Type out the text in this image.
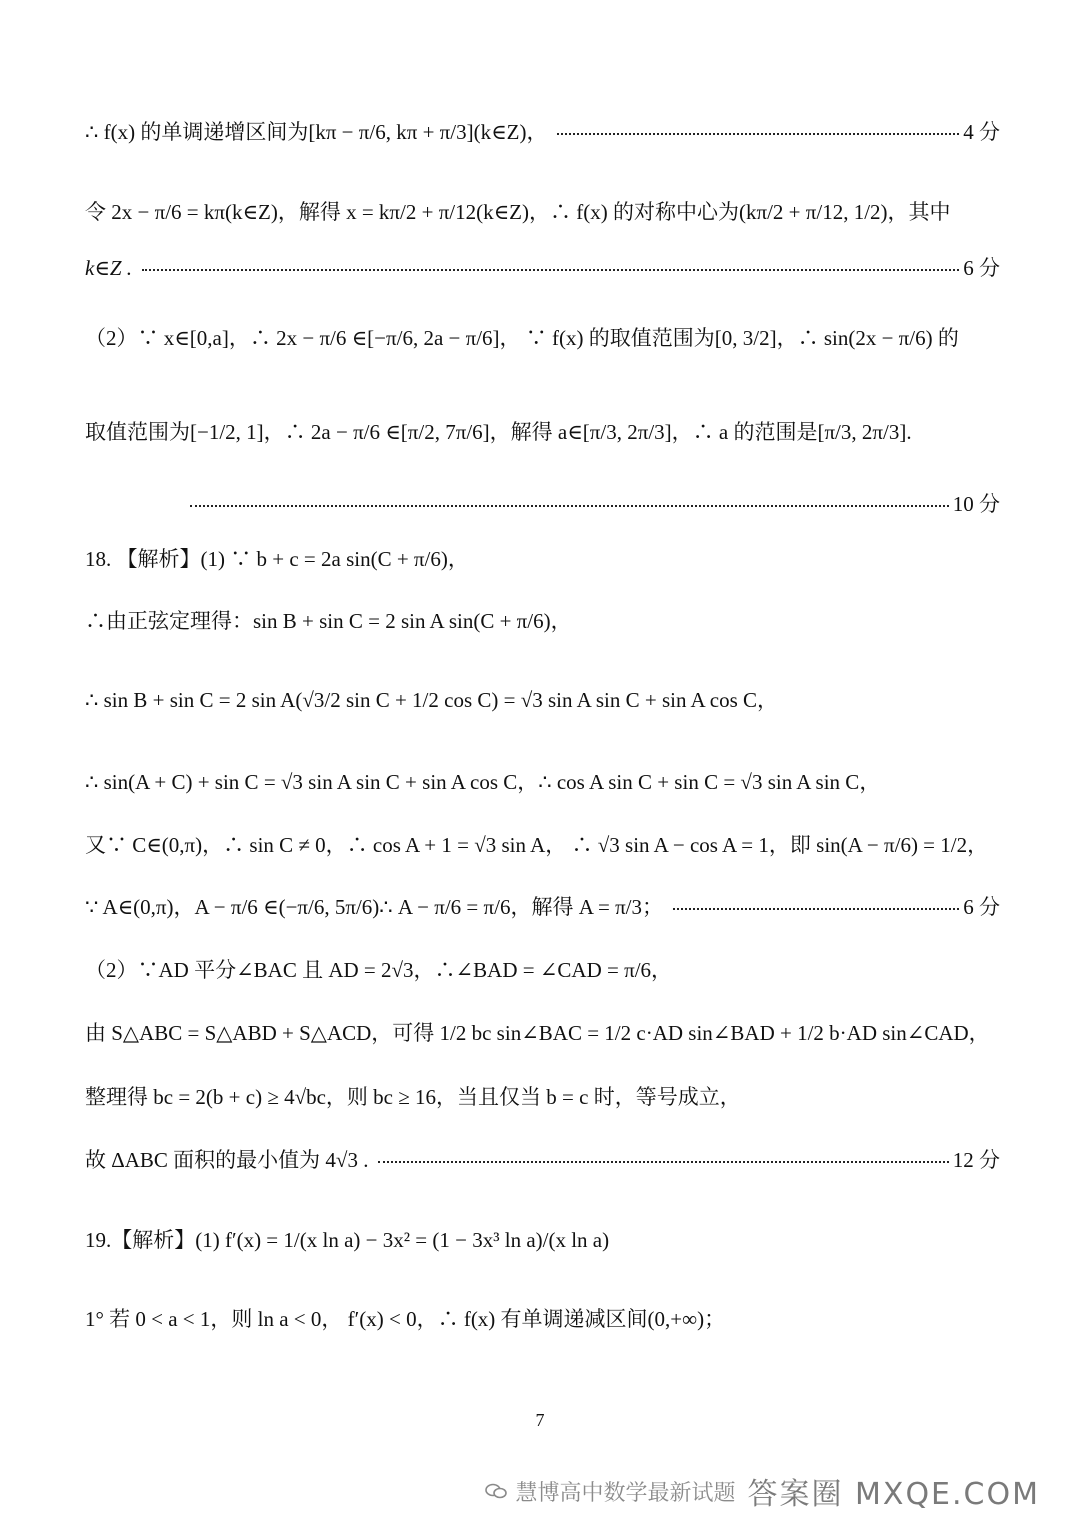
∴ f(x) 的单调递增区间为[kπ − π/6, kπ + π/3](k∈Z)，	4 分
令 2x − π/6 = kπ(k∈Z)，解得 x = kπ/2 + π/12(k∈Z)，∴ f(x) 的对称中心为(kπ/2 + π/12, 1/2)，其中
k∈Z .	6 分
（2）∵ x∈[0,a]，∴ 2x − π/6 ∈[−π/6, 2a − π/6]， ∵ f(x) 的取值范围为[0, 3/2]，∴ sin(2x − π/6) 的
取值范围为[−1/2, 1]，∴ 2a − π/6 ∈[π/2, 7π/6]，解得 a∈[π/3, 2π/3]，∴ a 的范围是[π/3, 2π/3].
10 分
18. 【解析】(1) ∵ b + c = 2a sin(C + π/6)，
∴由正弦定理得：sin B + sin C = 2 sin A sin(C + π/6)，
∴ sin B + sin C = 2 sin A(√3/2 sin C + 1/2 cos C) = √3 sin A sin C + sin A cos C，
∴ sin(A + C) + sin C = √3 sin A sin C + sin A cos C，∴ cos A sin C + sin C = √3 sin A sin C，
又∵ C∈(0,π)，∴ sin C ≠ 0，∴ cos A + 1 = √3 sin A， ∴ √3 sin A − cos A = 1，即 sin(A − π/6) = 1/2，
∵ A∈(0,π)，A − π/6 ∈(−π/6, 5π/6)∴ A − π/6 = π/6，解得 A = π/3；	6 分
（2）∵AD 平分∠BAC 且 AD = 2√3，∴∠BAD = ∠CAD = π/6，
由 S△ABC = S△ABD + S△ACD，可得 1/2 bc sin∠BAC = 1/2 c·AD sin∠BAD + 1/2 b·AD sin∠CAD，
整理得 bc = 2(b + c) ≥ 4√bc，则 bc ≥ 16，当且仅当 b = c 时，等号成立，
故 ΔABC 面积的最小值为 4√3 .	12 分
19.【解析】(1) f′(x) = 1/(x ln a) − 3x² = (1 − 3x³ ln a)/(x ln a)
1° 若 0 < a < 1，则 ln a < 0， f′(x) < 0，∴ f(x) 有单调递减区间(0,+∞)；
7
慧博高中数学最新试题 答案圈 MXQE.COM
